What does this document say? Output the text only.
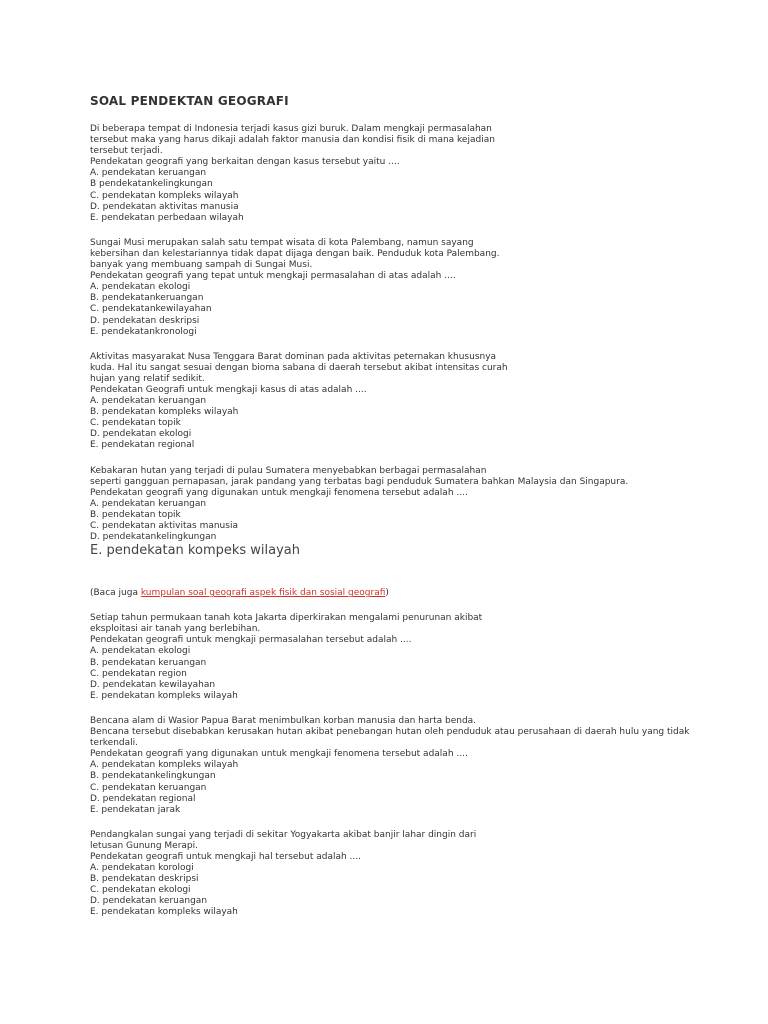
SOAL PENDEKTAN GEOGRAFI
Di beberapa tempat di Indonesia terjadi kasus gizi buruk. Dalam mengkaji permasalahan
tersebut maka yang harus dikaji adalah faktor manusia dan kondisi fisik di mana kejadian
tersebut terjadi.
Pendekatan geografi yang berkaitan dengan kasus tersebut yaitu ....
A. pendekatan keruangan
B pendekatankelingkungan
C. pendekatan kompleks wilayah
D. pendekatan aktivitas manusia
E. pendekatan perbedaan wilayah
Sungai Musi merupakan salah satu tempat wisata di kota Palembang, namun sayang
kebersihan dan kelestariannya tidak dapat dijaga dengan baik. Penduduk kota Palembang.
banyak yang membuang sampah di Sungai Musi.
Pendekatan geografi yang tepat untuk mengkaji permasalahan di atas adalah ....
A. pendekatan ekologi
B. pendekatankeruangan
C. pendekatankewilayahan
D. pendekatan deskripsi
E. pendekatankronologi
Aktivitas masyarakat Nusa Tenggara Barat dominan pada aktivitas peternakan khususnya
kuda. Hal itu sangat sesuai dengan bioma sabana di daerah tersebut akibat intensitas curah
hujan yang relatif sedikit.
Pendekatan Geografi untuk mengkaji kasus di atas adalah ....
A. pendekatan keruangan
B. pendekatan kompleks wilayah
C. pendekatan topik
D. pendekatan ekologi
E. pendekatan regional
Kebakaran hutan yang terjadi di pulau Sumatera menyebabkan berbagai permasalahan
seperti gangguan pernapasan, jarak pandang yang terbatas bagi penduduk Sumatera bahkan Malaysia dan Singapura.
Pendekatan geografi yang digunakan untuk mengkaji fenomena tersebut adalah ....
A. pendekatan keruangan
B. pendekatan topik
C. pendekatan aktivitas manusia
D. pendekatankelingkungan
E. pendekatan kompeks wilayah
(Baca juga kumpulan soal geografi aspek fisik dan sosial geografi)
Setiap tahun permukaan tanah kota Jakarta diperkirakan mengalami penurunan akibat
eksploitasi air tanah yang berlebihan.
Pendekatan geografi untuk mengkaji permasalahan tersebut adalah ....
A. pendekatan ekologi
B. pendekatan keruangan
C. pendekatan region
D. pendekatan kewilayahan
E. pendekatan kompleks wilayah
Bencana alam di Wasior Papua Barat menimbulkan korban manusia dan harta benda.
Bencana tersebut disebabkan kerusakan hutan akibat penebangan hutan oleh penduduk atau perusahaan di daerah hulu yang tidak
terkendali.
Pendekatan geografi yang digunakan untuk mengkaji fenomena tersebut adalah ....
A. pendekatan kompleks wilayah
B. pendekatankelingkungan
C. pendekatan keruangan
D. pendekatan regional
E. pendekatan jarak
Pendangkalan sungai yang terjadi di sekitar Yogyakarta akibat banjir lahar dingin dari
letusan Gunung Merapi.
Pendekatan geografi untuk mengkaji hal tersebut adalah ....
A. pendekatan korologi
B. pendekatan deskripsi
C. pendekatan ekologi
D. pendekatan keruangan
E. pendekatan kompleks wilayah
